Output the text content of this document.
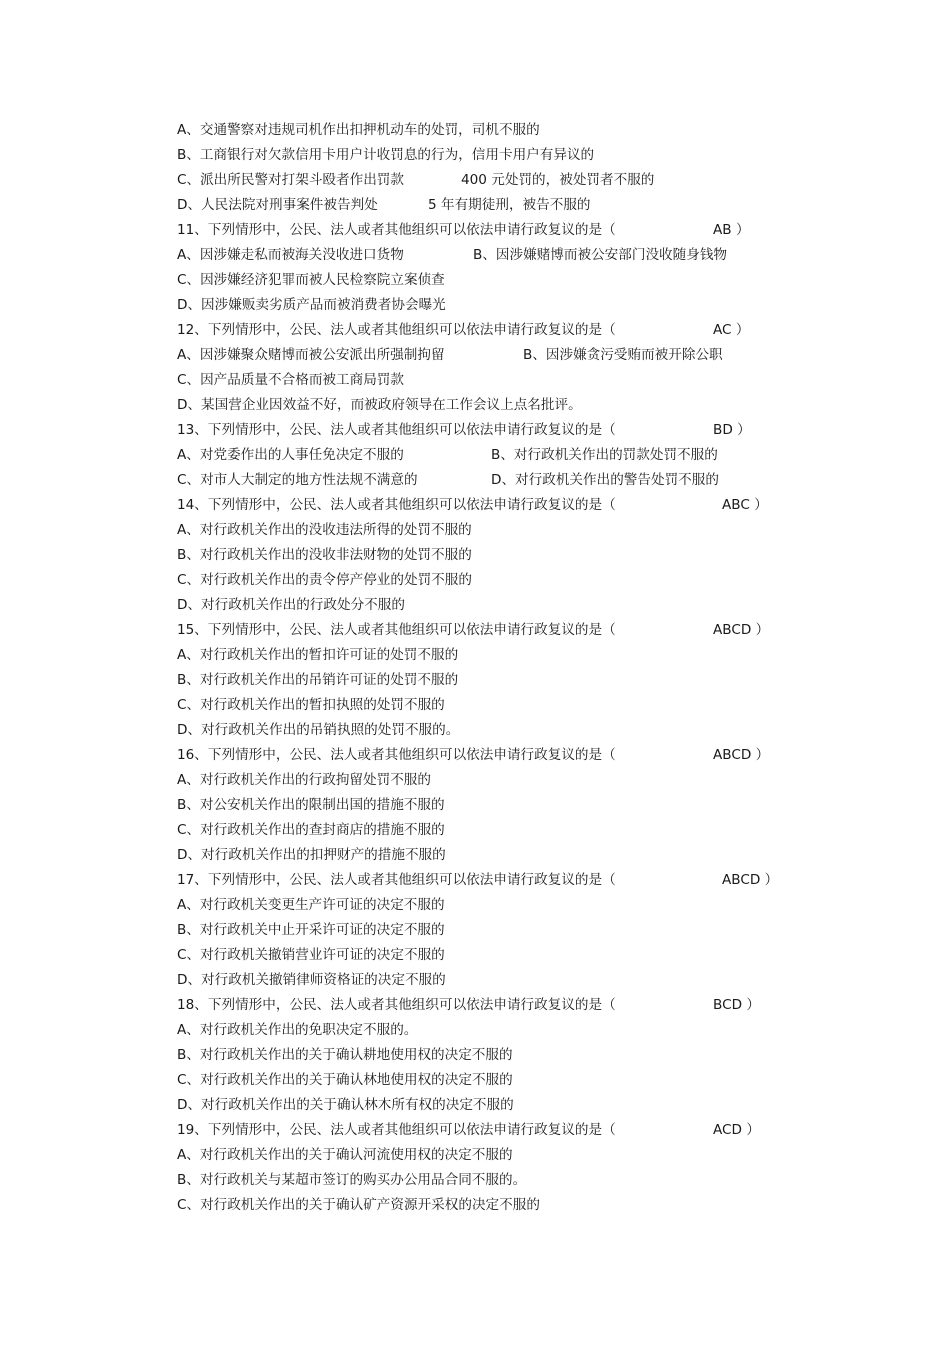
A、交通警察对违规司机作出扣押机动车的处罚，司机不服的
B、工商银行对欠款信用卡用户计收罚息的行为，信用卡用户有异议的
C、派出所民警对打架斗殴者作出罚款	400 元处罚的，被处罚者不服的
D、人民法院对刑事案件被告判处	5 年有期徒刑，被告不服的
11、下列情形中，公民、法人或者其他组织可以依法申请行政复议的是（	AB ）
A、因涉嫌走私而被海关没收进口货物	B、因涉嫌赌博而被公安部门没收随身钱物
C、因涉嫌经济犯罪而被人民检察院立案侦查
D、因涉嫌贩卖劣质产品而被消费者协会曝光
12、下列情形中，公民、法人或者其他组织可以依法申请行政复议的是（	AC ）
A、因涉嫌聚众赌博而被公安派出所强制拘留	B、因涉嫌贪污受贿而被开除公职
C、因产品质量不合格而被工商局罚款
D、某国营企业因效益不好，而被政府领导在工作会议上点名批评。
13、下列情形中，公民、法人或者其他组织可以依法申请行政复议的是（	BD ）
A、对党委作出的人事任免决定不服的	B、对行政机关作出的罚款处罚不服的
C、对市人大制定的地方性法规不满意的	D、对行政机关作出的警告处罚不服的
14、下列情形中，公民、法人或者其他组织可以依法申请行政复议的是（	ABC ）
A、对行政机关作出的没收违法所得的处罚不服的
B、对行政机关作出的没收非法财物的处罚不服的
C、对行政机关作出的责令停产停业的处罚不服的
D、对行政机关作出的行政处分不服的
15、下列情形中，公民、法人或者其他组织可以依法申请行政复议的是（	ABCD ）
A、对行政机关作出的暂扣许可证的处罚不服的
B、对行政机关作出的吊销许可证的处罚不服的
C、对行政机关作出的暂扣执照的处罚不服的
D、对行政机关作出的吊销执照的处罚不服的。
16、下列情形中，公民、法人或者其他组织可以依法申请行政复议的是（	ABCD ）
A、对行政机关作出的行政拘留处罚不服的
B、对公安机关作出的限制出国的措施不服的
C、对行政机关作出的查封商店的措施不服的
D、对行政机关作出的扣押财产的措施不服的
17、下列情形中，公民、法人或者其他组织可以依法申请行政复议的是（	ABCD ）
A、对行政机关变更生产许可证的决定不服的
B、对行政机关中止开采许可证的决定不服的
C、对行政机关撤销营业许可证的决定不服的
D、对行政机关撤销律师资格证的决定不服的
18、下列情形中，公民、法人或者其他组织可以依法申请行政复议的是（	BCD ）
A、对行政机关作出的免职决定不服的。
B、对行政机关作出的关于确认耕地使用权的决定不服的
C、对行政机关作出的关于确认林地使用权的决定不服的
D、对行政机关作出的关于确认林木所有权的决定不服的
19、下列情形中，公民、法人或者其他组织可以依法申请行政复议的是（	ACD ）
A、对行政机关作出的关于确认河流使用权的决定不服的
B、对行政机关与某超市签订的购买办公用品合同不服的。
C、对行政机关作出的关于确认矿产资源开采权的决定不服的
